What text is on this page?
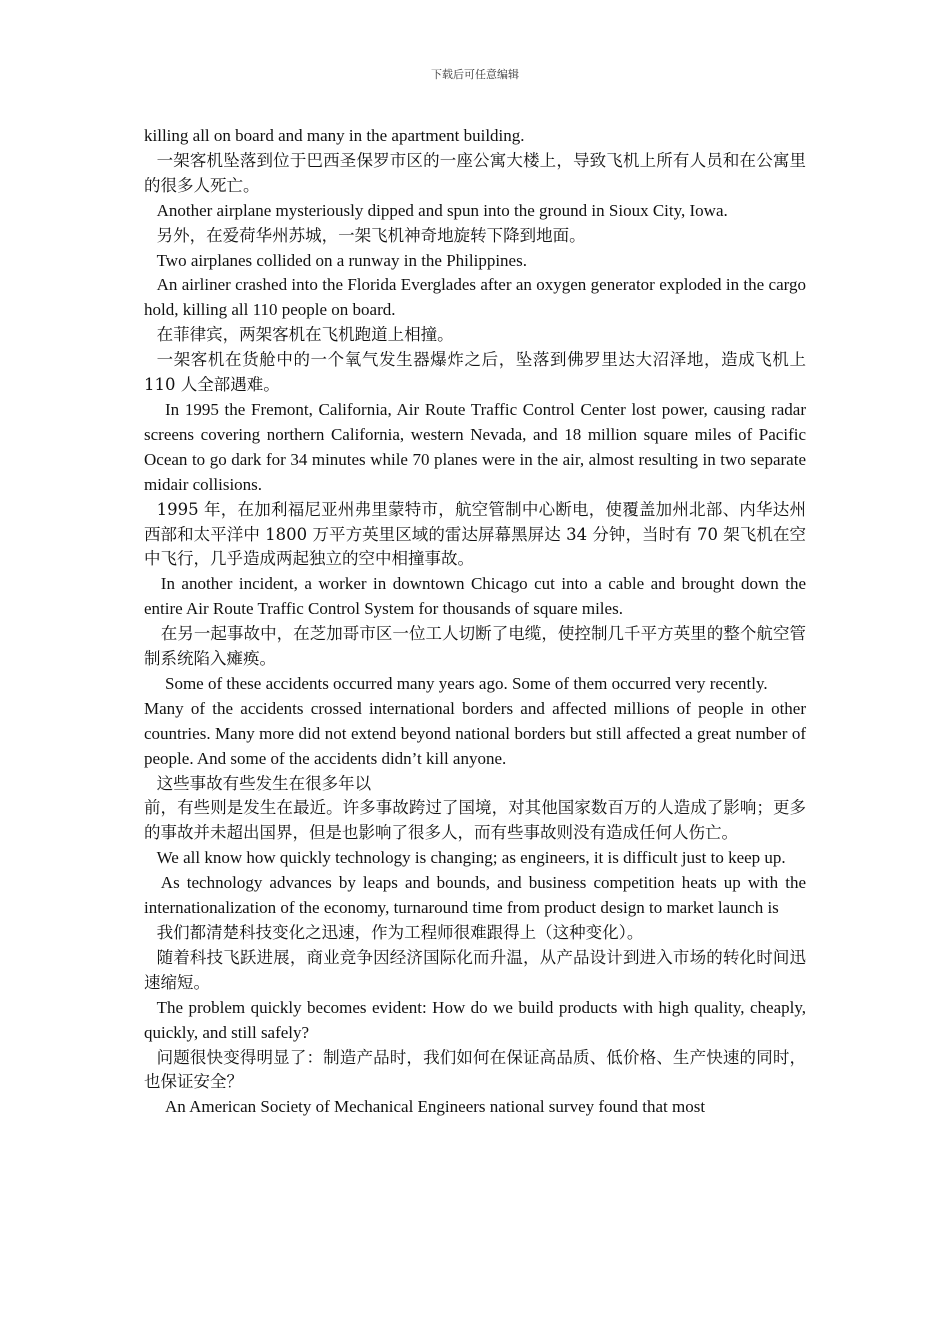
下载后可任意编辑

killing all on board and many in the apartment building.

一架客机坠落到位于巴西圣保罗市区的一座公寓大楼上，导致飞机上所有人员和在公寓里的很多人死亡。

Another airplane mysteriously dipped and spun into the ground in Sioux City, Iowa.

另外，在爱荷华州苏城，一架飞机神奇地旋转下降到地面。

Two airplanes collided on a runway in the Philippines.

An airliner crashed into the Florida Everglades after an oxygen generator exploded in the cargo hold, killing all 110 people on board.

在菲律宾，两架客机在飞机跑道上相撞。

一架客机在货舱中的一个氧气发生器爆炸之后，坠落到佛罗里达大沼泽地，造成飞机上 110 人全部遇难。

In 1995 the Fremont, California, Air Route Traffic Control Center lost power, causing radar screens covering northern California, western Nevada, and 18 million square miles of Pacific Ocean to go dark for 34 minutes while 70 planes were in the air, almost resulting in two separate midair collisions.

1995 年，在加利福尼亚州弗里蒙特市，航空管制中心断电，使覆盖加州北部、内华达州西部和太平洋中 1800 万平方英里区域的雷达屏幕黑屏达 34 分钟，当时有 70 架飞机在空中飞行，几乎造成两起独立的空中相撞事故。

In another incident, a worker in downtown Chicago cut into a cable and brought down the entire Air Route Traffic Control System for thousands of square miles.

在另一起事故中，在芝加哥市区一位工人切断了电缆，使控制几千平方英里的整个航空管制系统陷入瘫痪。

Some of these accidents occurred many years ago. Some of them occurred very recently.

Many of the accidents crossed international borders and affected millions of people in other countries. Many more did not extend beyond national borders but still affected a great number of people. And some of the accidents didn’t kill anyone.

这些事故有些发生在很多年以

前，有些则是发生在最近。许多事故跨过了国境，对其他国家数百万的人造成了影响；更多的事故并未超出国界，但是也影响了很多人，而有些事故则没有造成任何人伤亡。

We all know how quickly technology is changing; as engineers, it is difficult just to keep up.

As technology advances by leaps and bounds, and business competition heats up with the internationalization of the economy, turnaround time from product design to market launch is

我们都清楚科技变化之迅速，作为工程师很难跟得上（这种变化）。

随着科技飞跃进展，商业竞争因经济国际化而升温，从产品设计到进入市场的转化时间迅速缩短。

The problem quickly becomes evident: How do we build products with high quality, cheaply, quickly, and still safely?

问题很快变得明显了：制造产品时，我们如何在保证高品质、低价格、生产快速的同时，也保证安全？

An American Society of Mechanical Engineers national survey found that most
